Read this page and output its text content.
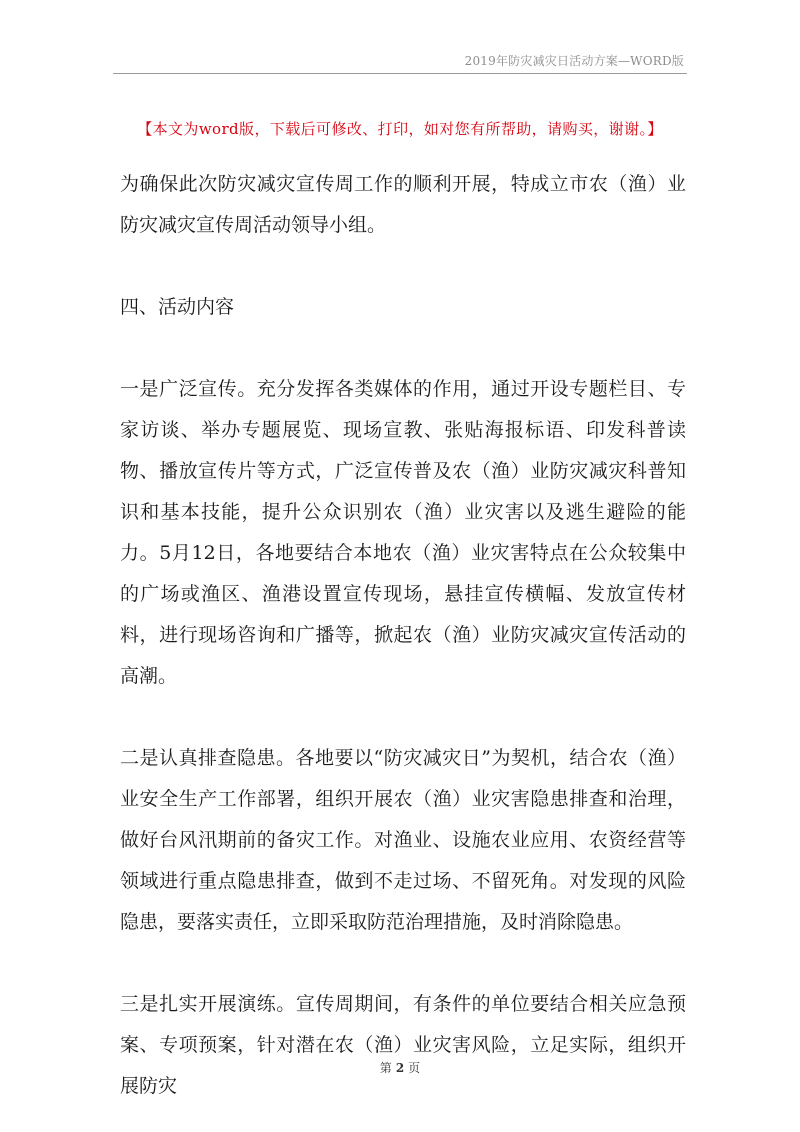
2019年防灾减灾日活动方案—WORD版
【本文为word版，下载后可修改、打印，如对您有所帮助，请购买，谢谢。】

为确保此次防灾减灾宣传周工作的顺利开展，特成立市农（渔）业防灾减灾宣传周活动领导小组。

四、活动内容

一是广泛宣传。充分发挥各类媒体的作用，通过开设专题栏目、专家访谈、举办专题展览、现场宣教、张贴海报标语、印发科普读物、播放宣传片等方式，广泛宣传普及农（渔）业防灾减灾科普知识和基本技能，提升公众识别农（渔）业灾害以及逃生避险的能力。5月12日，各地要结合本地农（渔）业灾害特点在公众较集中的广场或渔区、渔港设置宣传现场，悬挂宣传横幅、发放宣传材料，进行现场咨询和广播等，掀起农（渔）业防灾减灾宣传活动的高潮。

二是认真排查隐患。各地要以“防灾减灾日”为契机，结合农（渔）业安全生产工作部署，组织开展农（渔）业灾害隐患排查和治理，做好台风汛期前的备灾工作。对渔业、设施农业应用、农资经营等领域进行重点隐患排查，做到不走过场、不留死角。对发现的风险隐患，要落实责任，立即采取防范治理措施，及时消除隐患。

三是扎实开展演练。宣传周期间，有条件的单位要结合相关应急预案、专项预案，针对潜在农（渔）业灾害风险，立足实际，组织开展防灾

第 2 页
